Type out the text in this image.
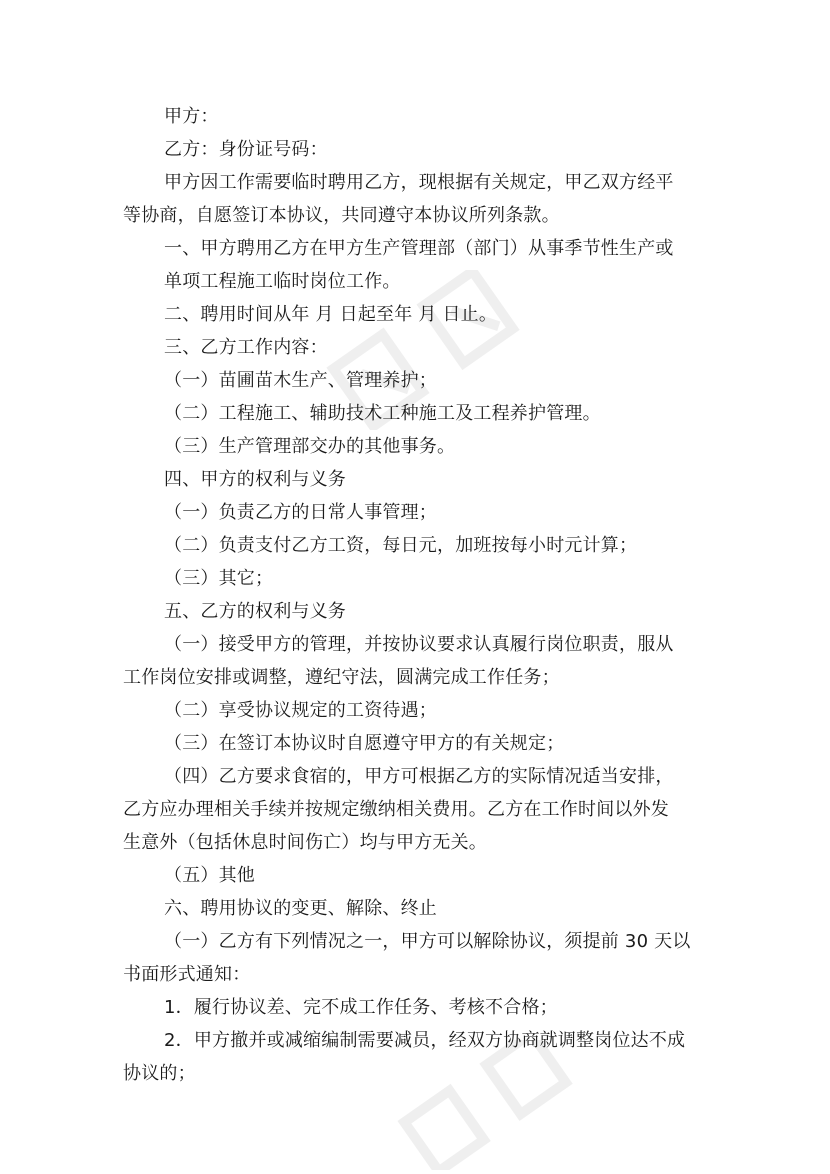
甲方：
乙方：身份证号码：
甲方因工作需要临时聘用乙方，现根据有关规定，甲乙双方经平
等协商，自愿签订本协议，共同遵守本协议所列条款。
一、甲方聘用乙方在甲方生产管理部（部门）从事季节性生产或
单项工程施工临时岗位工作。
二、聘用时间从年 月 日起至年 月 日止。
三、乙方工作内容：
（一）苗圃苗木生产、管理养护；
（二）工程施工、辅助技术工种施工及工程养护管理。
（三）生产管理部交办的其他事务。
四、甲方的权利与义务
（一）负责乙方的日常人事管理；
（二）负责支付乙方工资，每日元，加班按每小时元计算；
（三）其它；
五、乙方的权利与义务
（一）接受甲方的管理，并按协议要求认真履行岗位职责，服从
工作岗位安排或调整，遵纪守法，圆满完成工作任务；
（二）享受协议规定的工资待遇；
（三）在签订本协议时自愿遵守甲方的有关规定；
（四）乙方要求食宿的，甲方可根据乙方的实际情况适当安排，
乙方应办理相关手续并按规定缴纳相关费用。乙方在工作时间以外发
生意外（包括休息时间伤亡）均与甲方无关。
（五）其他
六、聘用协议的变更、解除、终止
（一）乙方有下列情况之一，甲方可以解除协议，须提前 30 天以
书面形式通知：
1．履行协议差、完不成工作任务、考核不合格；
2．甲方撤并或减缩编制需要减员，经双方协商就调整岗位达不成
协议的；
